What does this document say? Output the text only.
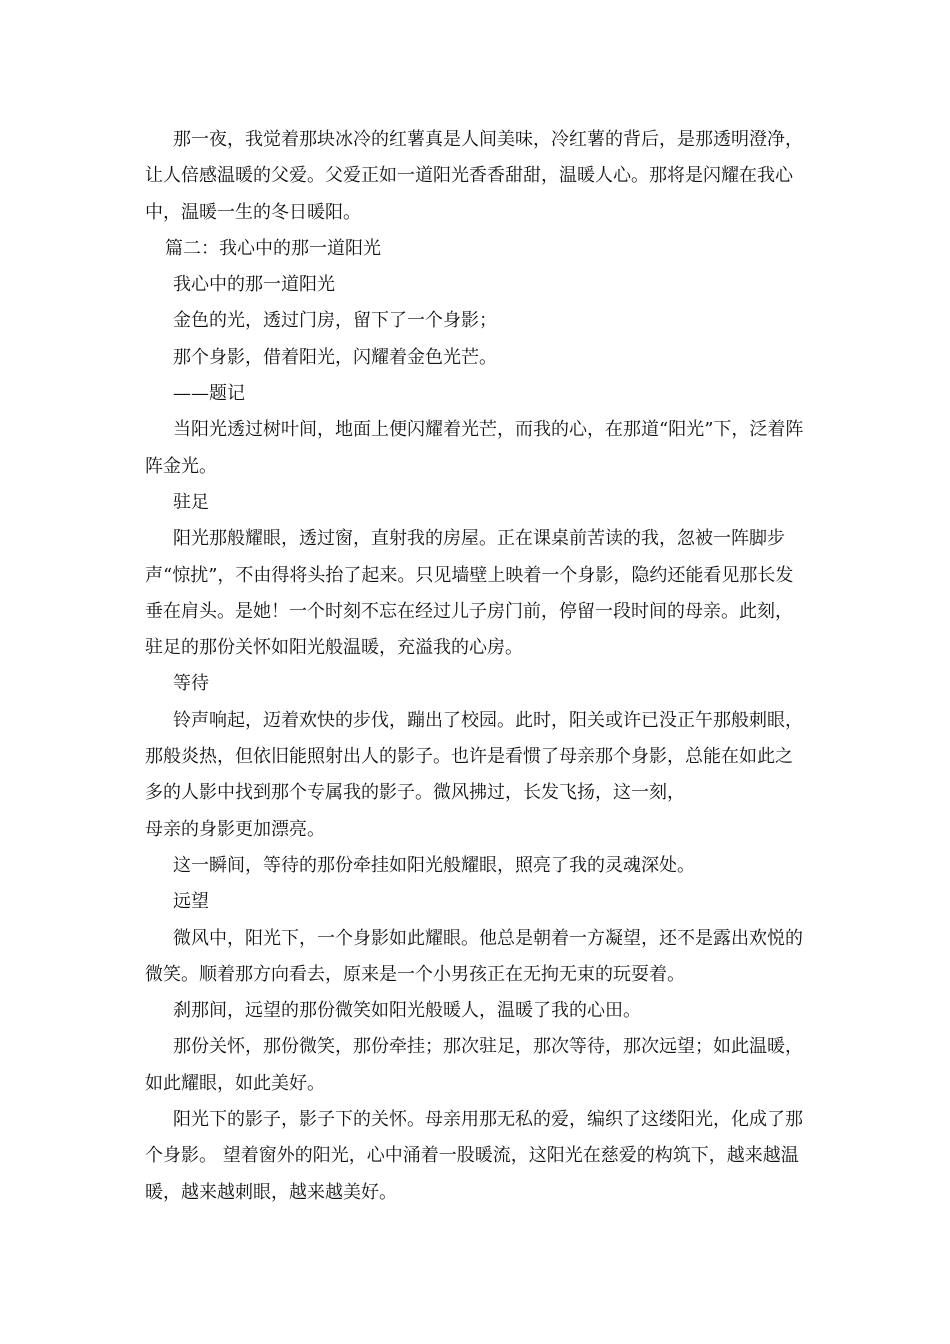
那一夜，我觉着那块冰冷的红薯真是人间美味，冷红薯的背后，是那透明澄净，让人倍感温暖的父爱。父爱正如一道阳光香香甜甜，温暖人心。那将是闪耀在我心中，温暖一生的冬日暖阳。

篇二：我心中的那一道阳光

我心中的那一道阳光

金色的光，透过门房，留下了一个身影；

那个身影，借着阳光，闪耀着金色光芒。

——题记

当阳光透过树叶间，地面上便闪耀着光芒，而我的心，在那道“阳光”下，泛着阵阵金光。

驻足

阳光那般耀眼，透过窗，直射我的房屋。正在课桌前苦读的我，忽被一阵脚步声“惊扰”，不由得将头抬了起来。只见墙壁上映着一个身影，隐约还能看见那长发垂在肩头。是她！一个时刻不忘在经过儿子房门前，停留一段时间的母亲。此刻，驻足的那份关怀如阳光般温暖，充溢我的心房。

等待

铃声响起，迈着欢快的步伐，蹦出了校园。此时，阳关或许已没正午那般刺眼，那般炎热，但依旧能照射出人的影子。也许是看惯了母亲那个身影，总能在如此之多的人影中找到那个专属我的影子。微风拂过，长发飞扬，这一刻，

母亲的身影更加漂亮。

这一瞬间，等待的那份牵挂如阳光般耀眼，照亮了我的灵魂深处。

远望

微风中，阳光下，一个身影如此耀眼。他总是朝着一方凝望，还不是露出欢悦的微笑。顺着那方向看去，原来是一个小男孩正在无拘无束的玩耍着。

刹那间，远望的那份微笑如阳光般暖人，温暖了我的心田。

那份关怀，那份微笑，那份牵挂；那次驻足，那次等待，那次远望；如此温暖，如此耀眼，如此美好。

阳光下的影子，影子下的关怀。母亲用那无私的爱，编织了这缕阳光，化成了那个身影。 望着窗外的阳光，心中涌着一股暖流，这阳光在慈爱的构筑下，越来越温暖，越来越刺眼，越来越美好。
